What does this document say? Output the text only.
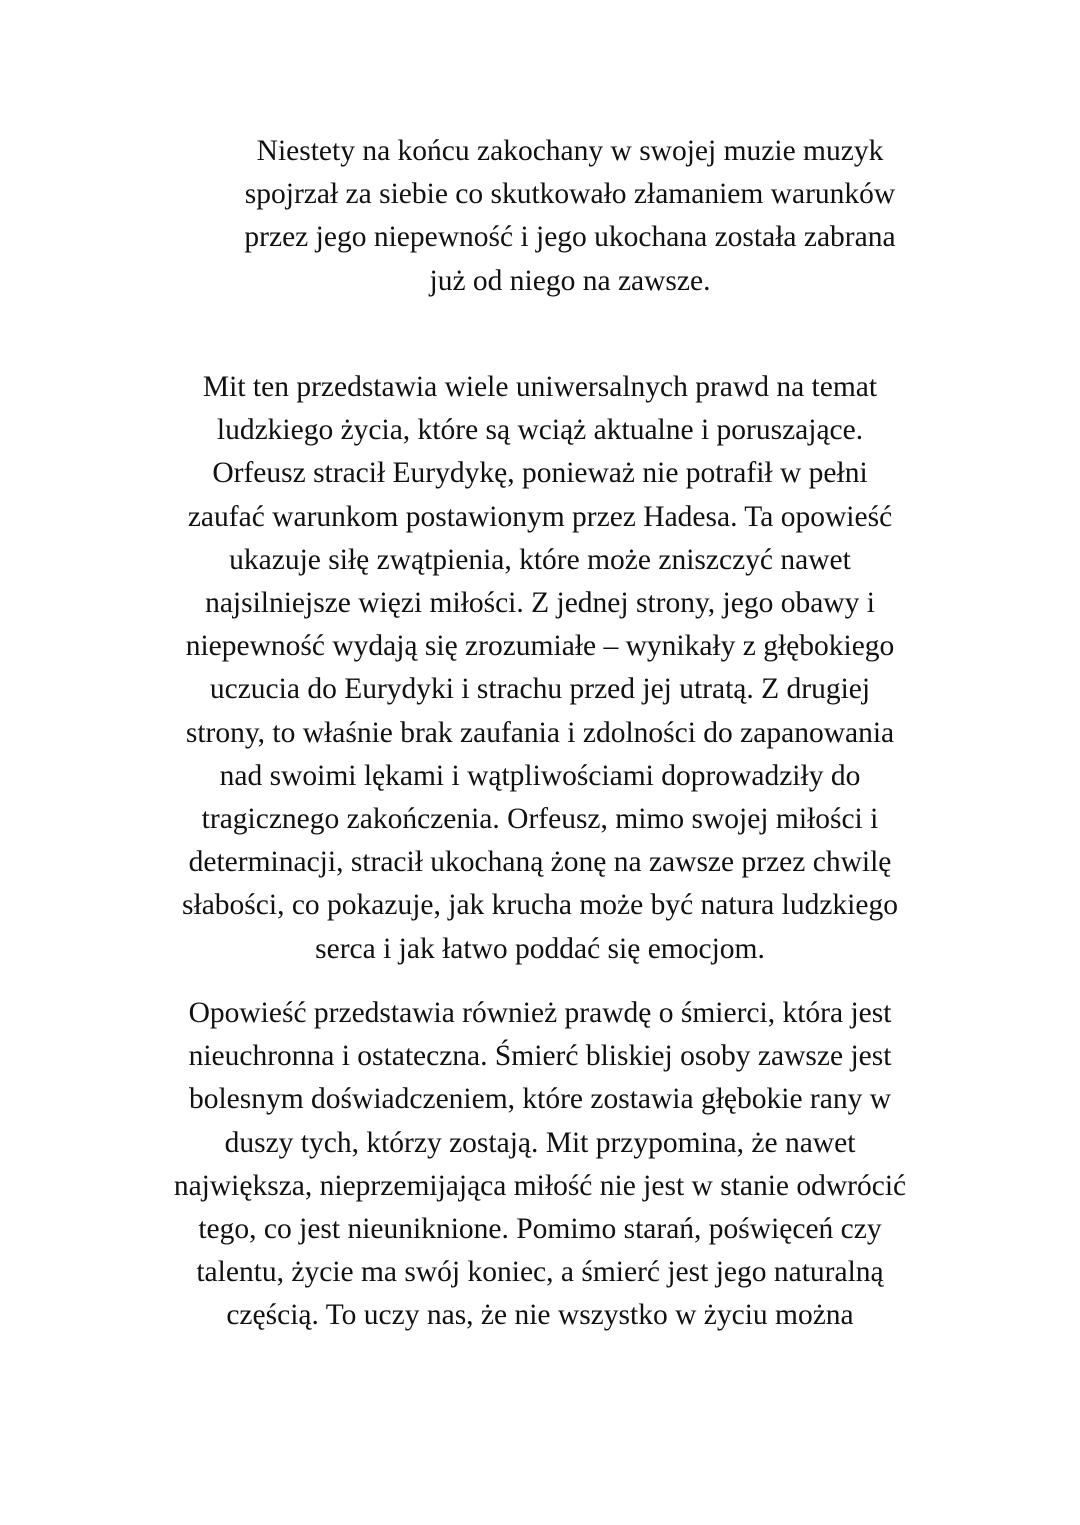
Niestety na końcu zakochany w swojej muzie muzyk
spojrzał za siebie co skutkowało złamaniem warunków
przez jego niepewność i jego ukochana została zabrana
już od niego na zawsze.
Mit ten przedstawia wiele uniwersalnych prawd na temat
ludzkiego życia, które są wciąż aktualne i poruszające.
Orfeusz stracił Eurydykę, ponieważ nie potrafił w pełni
zaufać warunkom postawionym przez Hadesa. Ta opowieść
ukazuje siłę zwątpienia, które może zniszczyć nawet
najsilniejsze więzi miłości. Z jednej strony, jego obawy i
niepewność wydają się zrozumiałe – wynikały z głębokiego
uczucia do Eurydyki i strachu przed jej utratą. Z drugiej
strony, to właśnie brak zaufania i zdolności do zapanowania
nad swoimi lękami i wątpliwościami doprowadziły do
tragicznego zakończenia. Orfeusz, mimo swojej miłości i
determinacji, stracił ukochaną żonę na zawsze przez chwilę
słabości, co pokazuje, jak krucha może być natura ludzkiego
serca i jak łatwo poddać się emocjom.
Opowieść przedstawia również prawdę o śmierci, która jest
nieuchronna i ostateczna. Śmierć bliskiej osoby zawsze jest
bolesnym doświadczeniem, które zostawia głębokie rany w
duszy tych, którzy zostają. Mit przypomina, że nawet
największa, nieprzemijająca miłość nie jest w stanie odwrócić
tego, co jest nieuniknione. Pomimo starań, poświęceń czy
talentu, życie ma swój koniec, a śmierć jest jego naturalną
częścią. To uczy nas, że nie wszystko w życiu można
